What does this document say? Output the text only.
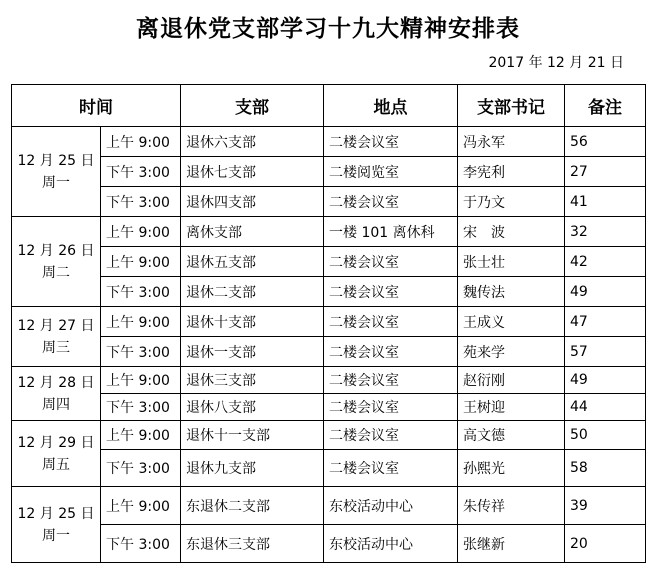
离退休党支部学习十九大精神安排表
2017 年 12 月 21 日
时间		支部	地点	支部书记	备注

12 月 25 日
周一	上午 9:00	退休六支部	二楼会议室	冯永军	56
	下午 3:00	退休七支部	二楼阅览室	李宪利	27
	下午 3:00	退休四支部	二楼会议室	于乃文	41

12 月 26 日
周二	上午 9:00	离休支部	一楼 101 离休科	宋　波	32
	上午 9:00	退休五支部	二楼会议室	张士壮	42
	下午 3:00	退休二支部	二楼会议室	魏传法	49

12 月 27 日
周三	上午 9:00	退休十支部	二楼会议室	王成义	47
	下午 3:00	退休一支部	二楼会议室	苑来学	57

12 月 28 日
周四	上午 9:00	退休三支部	二楼会议室	赵衍刚	49
	下午 3:00	退休八支部	二楼会议室	王树迎	44

12 月 29 日
周五	上午 9:00	退休十一支部	二楼会议室	高文德	50
	下午 3:00	退休九支部	二楼会议室	孙熙光	58

12 月 25 日
周一	上午 9:00	东退休二支部	东校活动中心	朱传祥	39
	下午 3:00	东退休三支部	东校活动中心	张继新	20
